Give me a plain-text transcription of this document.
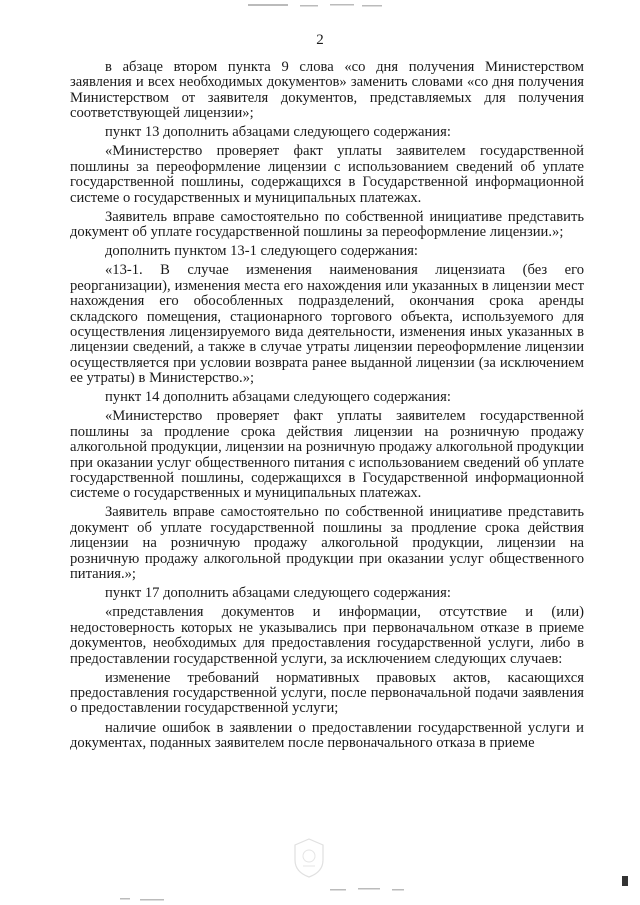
2

в абзаце втором пункта 9 слова «со дня получения Министерством заявления и всех необходимых документов» заменить словами «со дня получения Министерством от заявителя документов, представляемых для получения соответствующей лицензии»;

пункт 13 дополнить абзацами следующего содержания:

«Министерство проверяет факт уплаты заявителем государственной пошлины за переоформление лицензии с использованием сведений об уплате государственной пошлины, содержащихся в Государственной информационной системе о государственных и муниципальных платежах.

Заявитель вправе самостоятельно по собственной инициативе представить документ об уплате государственной пошлины за переоформление лицензии.»;

дополнить пунктом 13-1 следующего содержания:

«13-1. В случае изменения наименования лицензиата (без его реорганизации), изменения места его нахождения или указанных в лицензии мест нахождения его обособленных подразделений, окончания срока аренды складского помещения, стационарного торгового объекта, используемого для осуществления лицензируемого вида деятельности, изменения иных указанных в лицензии сведений, а также в случае утраты лицензии переоформление лицензии осуществляется при условии возврата ранее выданной лицензии (за исключением ее утраты) в Министерство.»;

пункт 14 дополнить абзацами следующего содержания:

«Министерство проверяет факт уплаты заявителем государственной пошлины за продление срока действия лицензии на розничную продажу алкогольной продукции, лицензии на розничную продажу алкогольной продукции при оказании услуг общественного питания с использованием сведений об уплате государственной пошлины, содержащихся в Государственной информационной системе о государственных и муниципальных платежах.

Заявитель вправе самостоятельно по собственной инициативе представить документ об уплате государственной пошлины за продление срока действия лицензии на розничную продажу алкогольной продукции, лицензии на розничную продажу алкогольной продукции при оказании услуг общественного питания.»;

пункт 17 дополнить абзацами следующего содержания:

«представления документов и информации, отсутствие и (или) недостоверность которых не указывались при первоначальном отказе в приеме документов, необходимых для предоставления государственной услуги, либо в предоставлении государственной услуги, за исключением следующих случаев:

изменение требований нормативных правовых актов, касающихся предоставления государственной услуги, после первоначальной подачи заявления о предоставлении государственной услуги;

наличие ошибок в заявлении о предоставлении государственной услуги и документах, поданных заявителем после первоначального отказа в приеме
